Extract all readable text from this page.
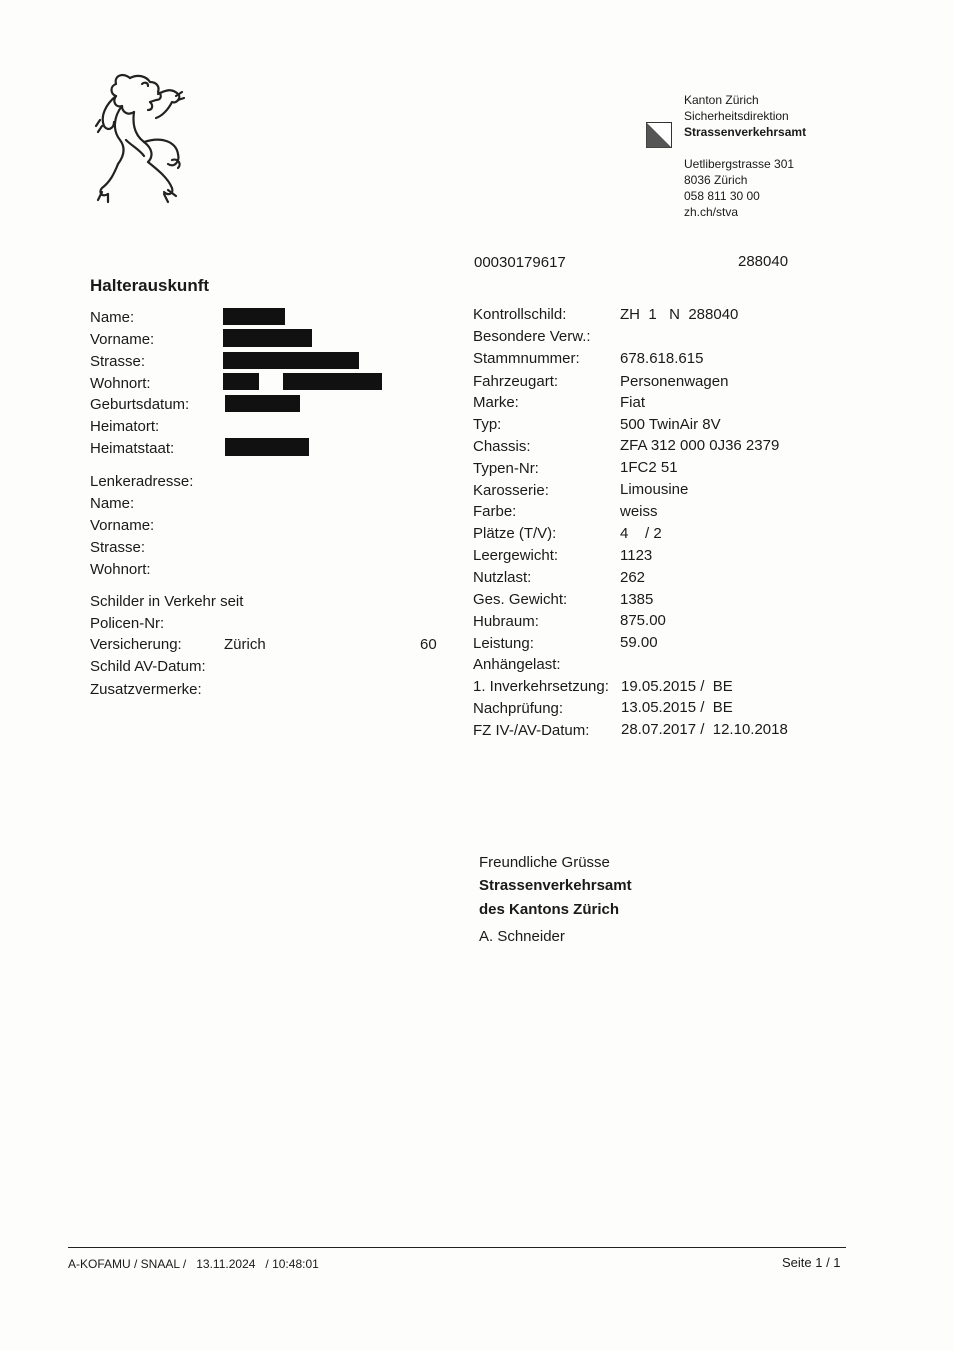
Kanton Zürich
Sicherheitsdirektion
Strassenverkehrsamt
Uetlibergstrasse 301
8036 Zürich
058 811 30 00
zh.ch/stva
00030179617	288040
Halterauskunft
Name:
Vorname:
Strasse:
Wohnort:
Geburtsdatum:
Heimatort:
Heimatstaat:
Lenkeradresse:
Name:
Vorname:
Strasse:
Wohnort:
Schilder in Verkehr seit
Policen-Nr:
Versicherung:	Zürich	60
Schild AV-Datum:
Zusatzvermerke:
Kontrollschild:	ZH  1   N  288040
Besondere Verw.:
Stammnummer:	678.618.615
Fahrzeugart:	Personenwagen
Marke:	Fiat
Typ:	500 TwinAir 8V
Chassis:	ZFA 312 000 0J36 2379
Typen-Nr:	1FC2 51
Karosserie:	Limousine
Farbe:	weiss
Plätze (T/V):	4    / 2
Leergewicht:	1123
Nutzlast:	262
Ges. Gewicht:	1385
Hubraum:	875.00
Leistung:	59.00
Anhängelast:
1. Inverkehrsetzung: 19.05.2015 /  BE
Nachprüfung:	13.05.2015 /  BE
FZ IV-/AV-Datum: 28.07.2017 /  12.10.2018
Freundliche Grüsse
Strassenverkehrsamt
des Kantons Zürich
A. Schneider
A-KOFAMU / SNAAL /   13.11.2024   / 10:48:01	Seite 1 / 1
